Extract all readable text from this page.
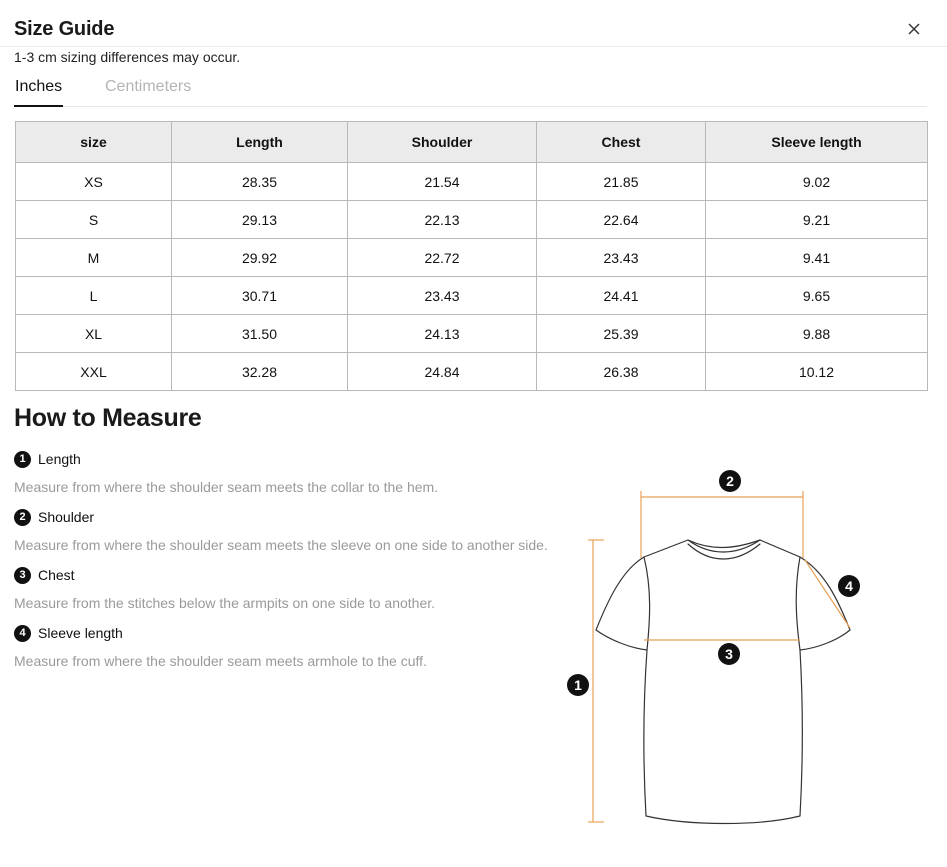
Size Guide
1-3 cm sizing differences may occur.
Inches	Centimeters
size	Length	Shoulder	Chest	Sleeve length
XS	28.35	21.54	21.85	9.02
S	29.13	22.13	22.64	9.21
M	29.92	22.72	23.43	9.41
L	30.71	23.43	24.41	9.65
XL	31.50	24.13	25.39	9.88
XXL	32.28	24.84	26.38	10.12
How to Measure
1 Length
Measure from where the shoulder seam meets the collar to the hem.
2 Shoulder
Measure from where the shoulder seam meets the sleeve on one side to another side.
3 Chest
Measure from the stitches below the armpits on one side to another.
4 Sleeve length
Measure from where the shoulder seam meets armhole to the cuff.
1
2
3
4
